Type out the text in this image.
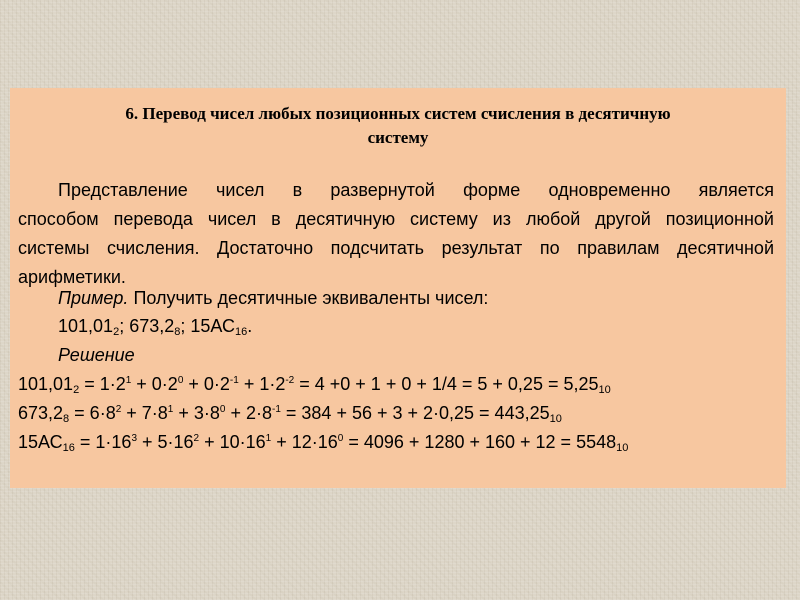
6. Перевод чисел любых позиционных систем счисления в десятичную
систему
Представление чисел в развернутой форме одновременно является
способом перевода чисел в десятичную систему из любой другой позиционной
системы счисления. Достаточно подсчитать результат по правилам десятичной
арифметики.
Пример. Получить десятичные эквиваленты чисел:
$101,01_2$; $673,2_8$; $15АС_{16}$.
Решение
$101,01_2 = 1\cdot 2^1 + 0\cdot 2^0 + 0\cdot 2^{-1} + 1\cdot 2^{-2} = 4 +0 + 1 + 0 + 1/4 = 5 + 0,25 = 5,25_{10}$
$673,2_8 = 6\cdot 8^2 + 7\cdot 8^1 + 3\cdot 8^0 + 2\cdot 8^{-1} = 384 + 56 + 3 + 2\cdot 0,25 = 443,25_{10}$
$15АС_{16} = 1\cdot 16^3 + 5\cdot 16^2 + 10\cdot 16^1 + 12\cdot 16^0 = 4096 + 1280 + 160 + 12 = 5548_{10}$
